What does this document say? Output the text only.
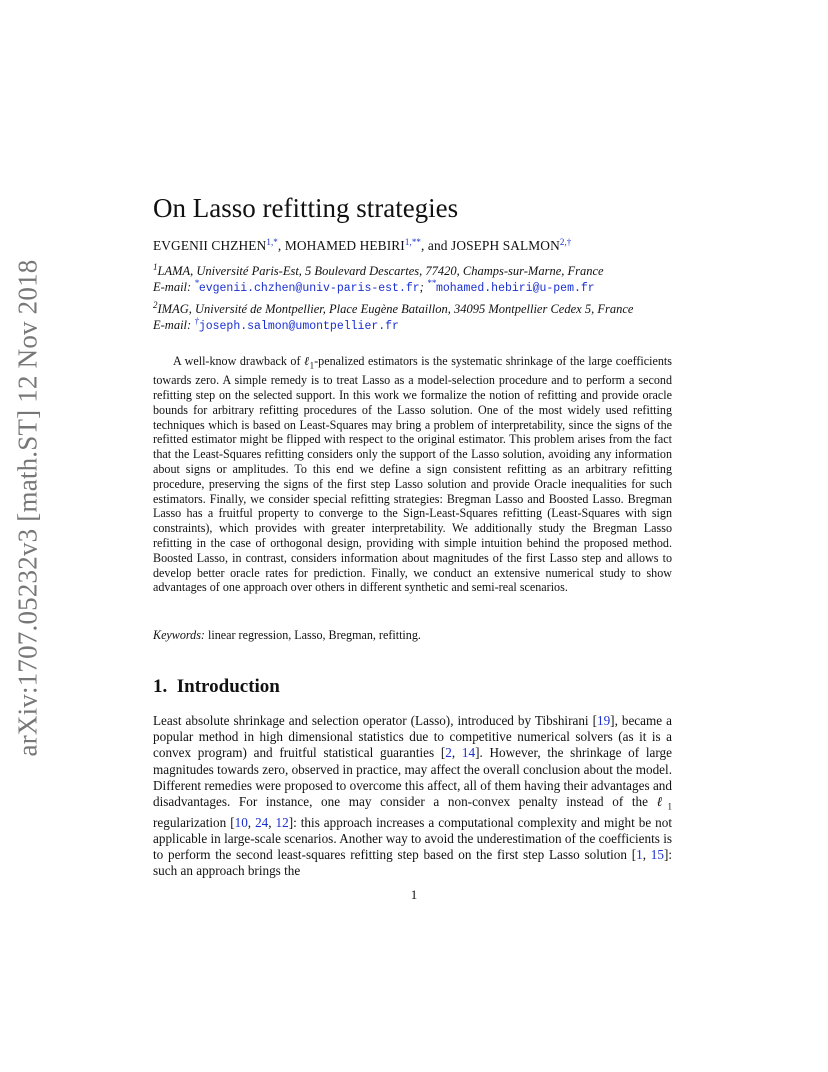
arXiv:1707.05232v3 [math.ST] 12 Nov 2018
On Lasso refitting strategies
EVGENII $CHZHEN^{1,*}$, MOHAMED $HEBIRI^{1,**}$, and JOSEPH $SALMON^{2,\dagger}$
$^1$LAMA, Université Paris-Est, 5 Boulevard Descartes, 77420, Champs-sur-Marne, France
E-mail: *evgenii.chzhen@univ-paris-est.fr; **mohamed.hebiri@u-pem.fr
$^2$IMAG, Université de Montpellier, Place Eugène Bataillon, 34095 Montpellier Cedex 5, France
E-mail: †joseph.salmon@umontpellier.fr

A well-know drawback of ℓ$_1$-penalized estimators is the systematic shrinkage of the large coefficients towards zero. A simple remedy is to treat Lasso as a model-selection procedure and to perform a second refitting step on the selected support. In this work we formalize the notion of refitting and provide oracle bounds for arbitrary refitting procedures of the Lasso solution. One of the most widely used refitting techniques which is based on Least-Squares may bring a problem of interpretability, since the signs of the refitted estimator might be flipped with respect to the original estimator. This problem arises from the fact that the Least-Squares refitting considers only the support of the Lasso solution, avoiding any information about signs or amplitudes. To this end we define a sign consistent refitting as an arbitrary refitting procedure, preserving the signs of the first step Lasso solution and provide Oracle inequalities for such estimators. Finally, we consider special refitting strategies: Bregman Lasso and Boosted Lasso. Bregman Lasso has a fruitful property to converge to the Sign-Least-Squares refitting (Least-Squares with sign constraints), which provides with greater interpretability. We additionally study the Bregman Lasso refitting in the case of orthogonal design, providing with simple intuition behind the proposed method. Boosted Lasso, in contrast, considers information about magnitudes of the first Lasso step and allows to develop better oracle rates for prediction. Finally, we conduct an extensive numerical study to show advantages of one approach over others in different synthetic and semi-real scenarios.

Keywords: linear regression, Lasso, Bregman, refitting.
1. Introduction

Least absolute shrinkage and selection operator (Lasso), introduced by Tibshirani [19], became a popular method in high dimensional statistics due to competitive numerical solvers (as it is a convex program) and fruitful statistical guaranties [2, 14]. However, the shrinkage of large magnitudes towards zero, observed in practice, may affect the overall conclusion about the model. Different remedies were proposed to overcome this affect, all of them having their advantages and disadvantages. For instance, one may consider a non-convex penalty instead of the ℓ$_1$ regularization [10, 24, 12]: this approach increases a computational complexity and might be not applicable in large-scale scenarios. Another way to avoid the underestimation of the coefficients is to perform the second least-squares refitting step based on the first step Lasso solution [1, 15]: such an approach brings the

1
